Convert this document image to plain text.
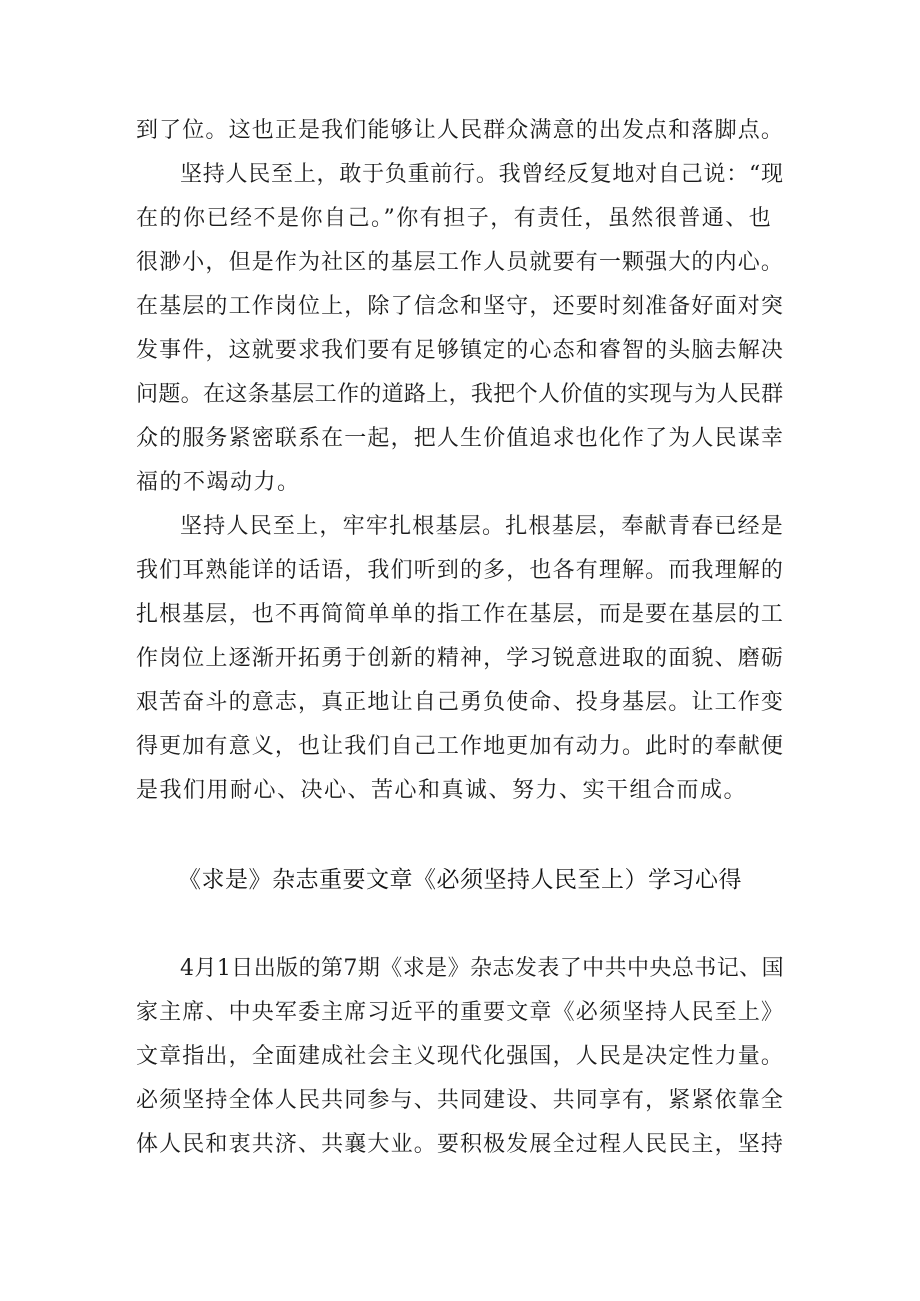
到了位。这也正是我们能够让人民群众满意的出发点和落脚点。
坚持人民至上，敢于负重前行。我曾经反复地对自己说：“现
在的你已经不是你自己。”你有担子，有责任，虽然很普通、也
很渺小，但是作为社区的基层工作人员就要有一颗强大的内心。
在基层的工作岗位上，除了信念和坚守，还要时刻准备好面对突
发事件，这就要求我们要有足够镇定的心态和睿智的头脑去解决
问题。在这条基层工作的道路上，我把个人价值的实现与为人民群
众的服务紧密联系在一起，把人生价值追求也化作了为人民谋幸
福的不竭动力。
坚持人民至上，牢牢扎根基层。扎根基层，奉献青春已经是
我们耳熟能详的话语，我们听到的多，也各有理解。而我理解的
扎根基层，也不再简简单单的指工作在基层，而是要在基层的工
作岗位上逐渐开拓勇于创新的精神，学习锐意进取的面貌、磨砺
艰苦奋斗的意志，真正地让自己勇负使命、投身基层。让工作变
得更加有意义，也让我们自己工作地更加有动力。此时的奉献便
是我们用耐心、决心、苦心和真诚、努力、实干组合而成。
《求是》杂志重要文章《必须坚持人民至上）学习心得
4月1日出版的第7期《求是》杂志发表了中共中央总书记、国
家主席、中央军委主席习近平的重要文章《必须坚持人民至上》
文章指出，全面建成社会主义现代化强国，人民是决定性力量。
必须坚持全体人民共同参与、共同建设、共同享有，紧紧依靠全
体人民和衷共济、共襄大业。要积极发展全过程人民民主，坚持
